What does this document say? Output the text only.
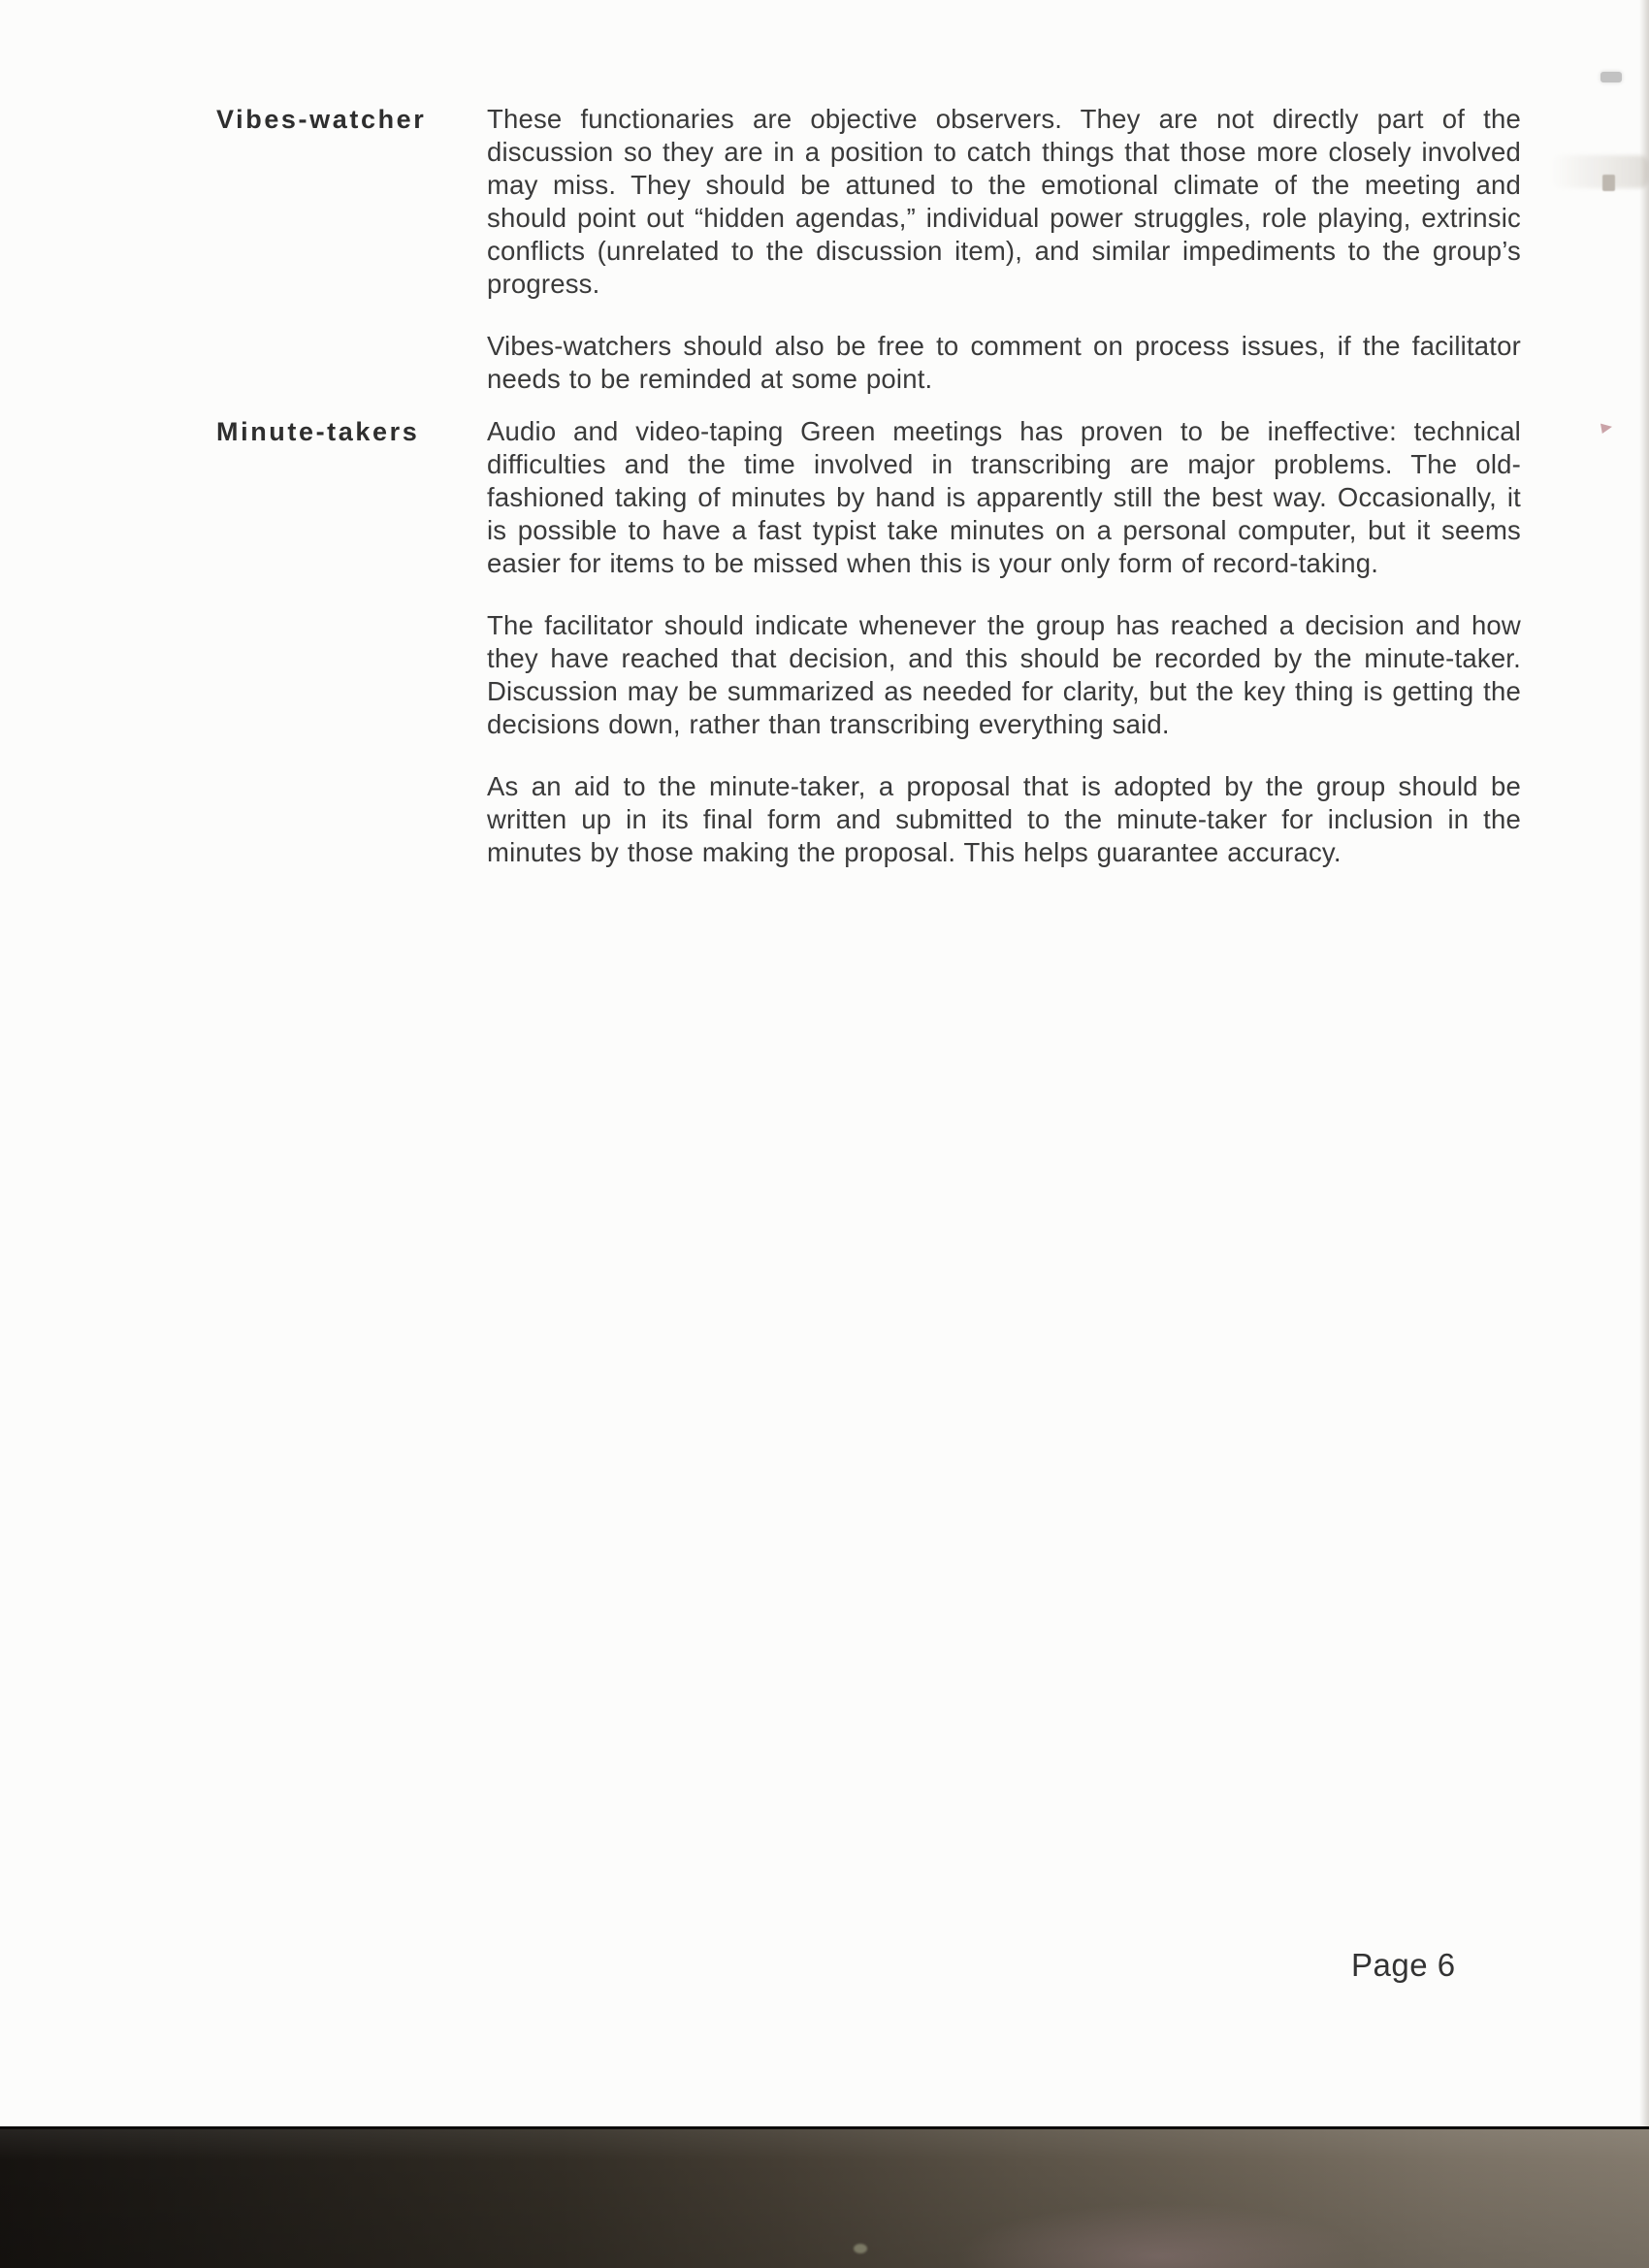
Vibes-watcher	These functionaries are objective observers. They are not directly part of the discussion so they are in a position to catch things that those more closely involved may miss. They should be attuned to the emotional climate of the meeting and should point out “hidden agendas,” individual power struggles, role playing, extrinsic conflicts (unrelated to the discussion item), and similar impediments to the group’s progress.

Vibes-watchers should also be free to comment on process issues, if the facilitator needs to be reminded at some point.

Minute-takers	Audio and video-taping Green meetings has proven to be ineffective: technical difficulties and the time involved in transcribing are major problems. The old-fashioned taking of minutes by hand is apparently still the best way. Occasionally, it is possible to have a fast typist take minutes on a personal computer, but it seems easier for items to be missed when this is your only form of record-taking.

The facilitator should indicate whenever the group has reached a decision and how they have reached that decision, and this should be recorded by the minute-taker. Discussion may be summarized as needed for clarity, but the key thing is getting the decisions down, rather than transcribing everything said.

As an aid to the minute-taker, a proposal that is adopted by the group should be written up in its final form and submitted to the minute-taker for inclusion in the minutes by those making the proposal. This helps guarantee accuracy.

Page 6
